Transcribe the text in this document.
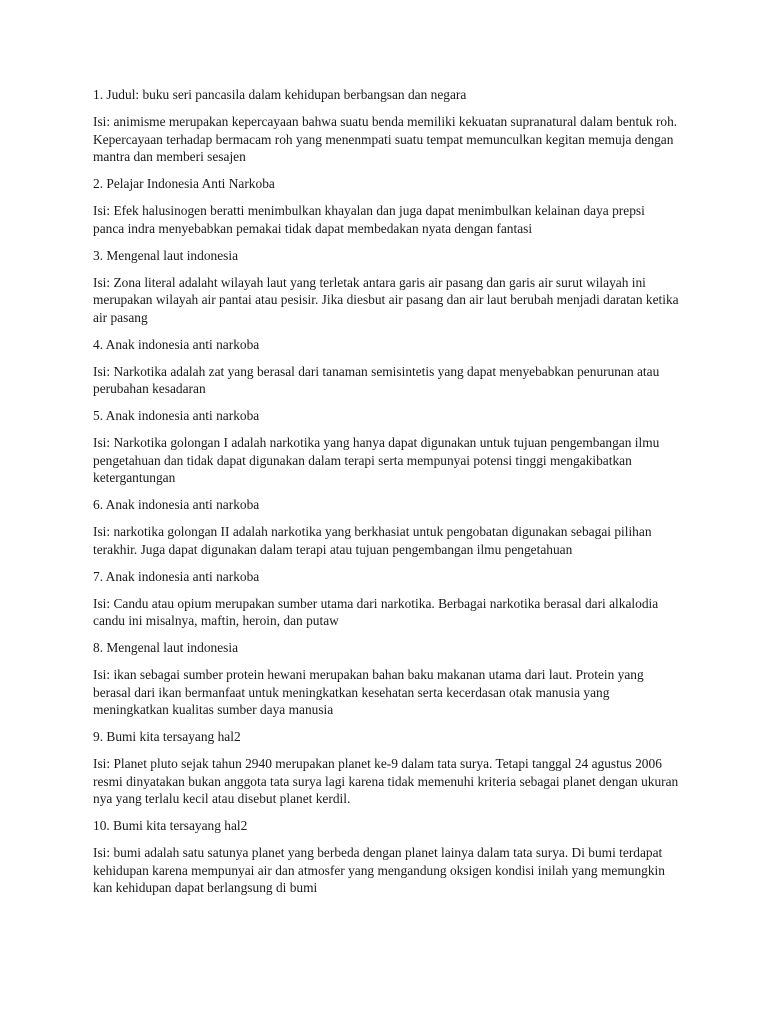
1. Judul: buku seri pancasila dalam kehidupan berbangsan dan negara

Isi: animisme merupakan kepercayaan bahwa suatu benda memiliki kekuatan supranatural dalam bentuk roh. Kepercayaan terhadap bermacam roh yang menenmpati suatu tempat memunculkan kegitan memuja dengan mantra dan memberi sesajen

2. Pelajar Indonesia Anti Narkoba

Isi: Efek halusinogen beratti menimbulkan khayalan dan juga dapat menimbulkan kelainan daya prepsi panca indra menyebabkan pemakai tidak dapat membedakan nyata dengan fantasi

3. Mengenal laut indonesia

Isi: Zona literal adalaht wilayah laut yang terletak antara garis air pasang dan garis air surut wilayah ini merupakan wilayah air pantai atau pesisir. Jika diesbut air pasang dan air laut berubah menjadi daratan ketika air pasang

4. Anak indonesia anti narkoba

Isi: Narkotika adalah zat yang berasal dari tanaman semisintetis yang dapat menyebabkan penurunan atau perubahan kesadaran

5. Anak indonesia anti narkoba

Isi: Narkotika golongan I adalah narkotika yang hanya dapat digunakan untuk tujuan pengembangan ilmu pengetahuan dan tidak dapat digunakan dalam terapi serta mempunyai potensi tinggi mengakibatkan ketergantungan

6. Anak indonesia anti narkoba

Isi: narkotika golongan II adalah narkotika yang berkhasiat untuk pengobatan digunakan sebagai pilihan terakhir. Juga dapat digunakan dalam terapi atau tujuan pengembangan ilmu pengetahuan

7. Anak indonesia anti narkoba

Isi: Candu atau opium merupakan sumber utama dari narkotika. Berbagai narkotika berasal dari alkalodia candu ini misalnya, maftin, heroin, dan putaw

8. Mengenal laut indonesia

Isi: ikan sebagai sumber protein hewani merupakan bahan baku makanan utama dari laut. Protein yang berasal dari ikan bermanfaat untuk meningkatkan kesehatan serta kecerdasan otak manusia yang meningkatkan kualitas sumber daya manusia

9. Bumi kita tersayang hal2

Isi: Planet pluto sejak tahun 2940 merupakan planet ke-9 dalam tata surya. Tetapi tanggal 24 agustus 2006 resmi dinyatakan bukan anggota tata surya lagi karena tidak memenuhi kriteria sebagai planet dengan ukuran nya yang terlalu kecil atau disebut planet kerdil.

10. Bumi kita tersayang hal2

Isi: bumi adalah satu satunya planet yang berbeda dengan planet lainya dalam tata surya. Di bumi terdapat kehidupan karena mempunyai air dan atmosfer yang mengandung oksigen kondisi inilah yang memungkin kan kehidupan dapat berlangsung di bumi
